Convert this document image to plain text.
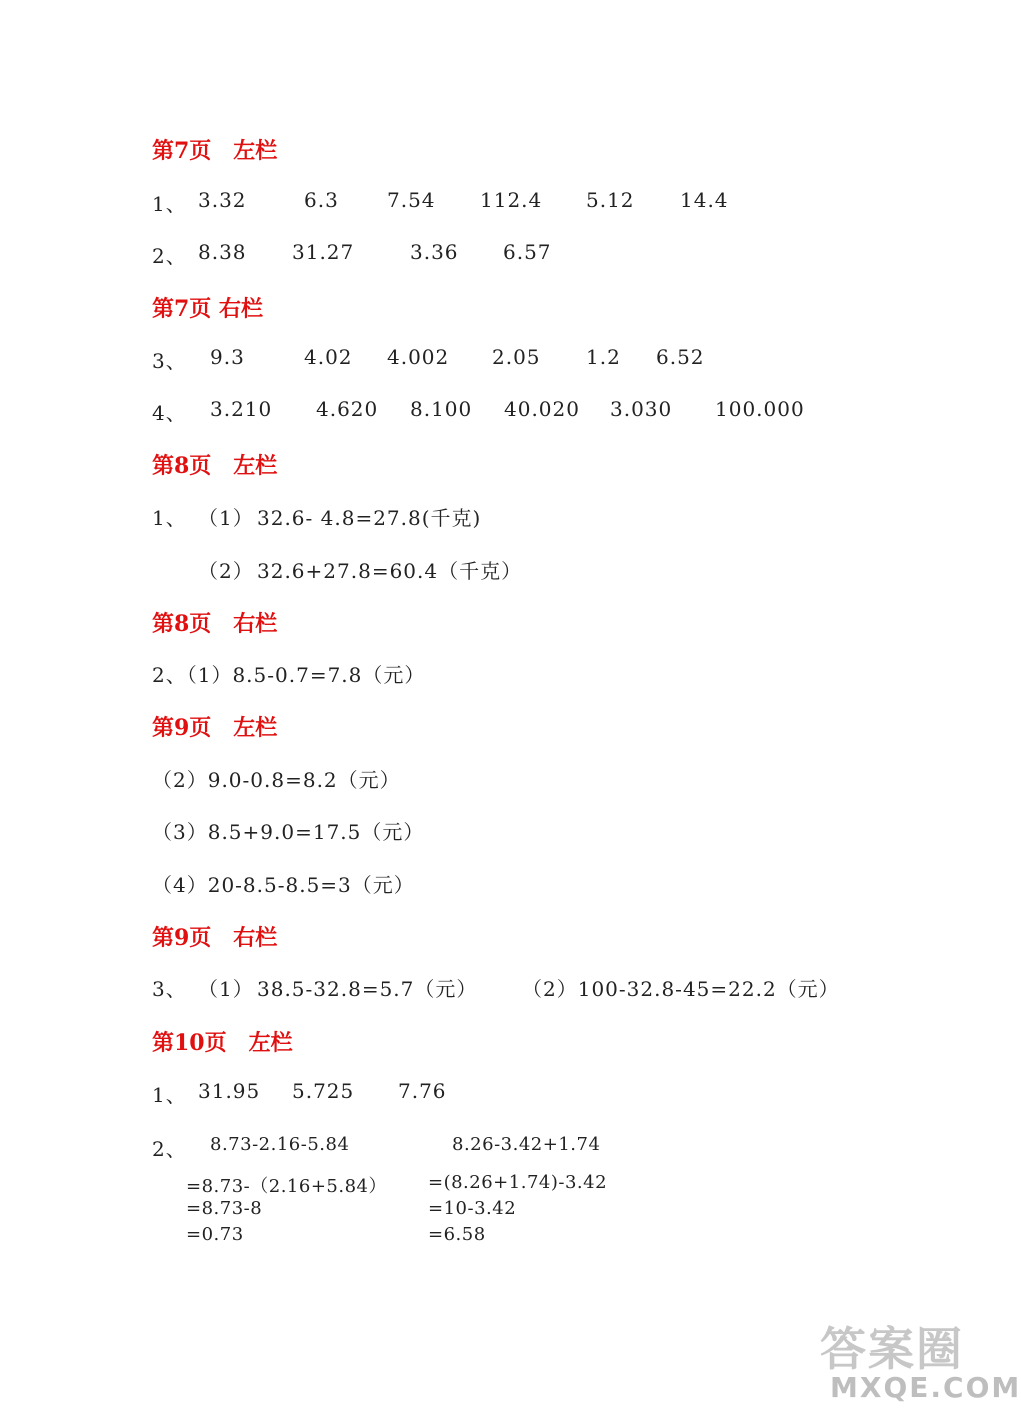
第7页　左栏
第7页 右栏
第8页　左栏
第8页　右栏
第9页　左栏
第9页　右栏
第10页　左栏
1、 3.32	6.3 7.54 112.4 5.12 14.4
2、 8.38 31.27	3.36 6.57
3、 9.3	4.02 4.002 2.05 1.2 6.52
4、 3.210 4.620 8.100 40.020 3.030 100.000
1、 （1） 32.6- 4.8=27.8(千克)
（2） 32.6+27.8=60.4（千克）
2、（1）8.5-0.7=7.8（元）
（2）9.0-0.8=8.2（元）
（3）8.5+9.0=17.5（元）
（4）20-8.5-8.5=3（元）
3、 （1） 38.5-32.8=5.7（元） （2）100-32.8-45=22.2（元）
1、 31.95 5.725 7.76
2、 8.73-2.16-5.84	8.26-3.42+1.74
=8.73-（2.16+5.84）
=8.73-8
=0.73
=(8.26+1.74)-3.42
=10-3.42
=6.58
答案圈
MXQE.COM
